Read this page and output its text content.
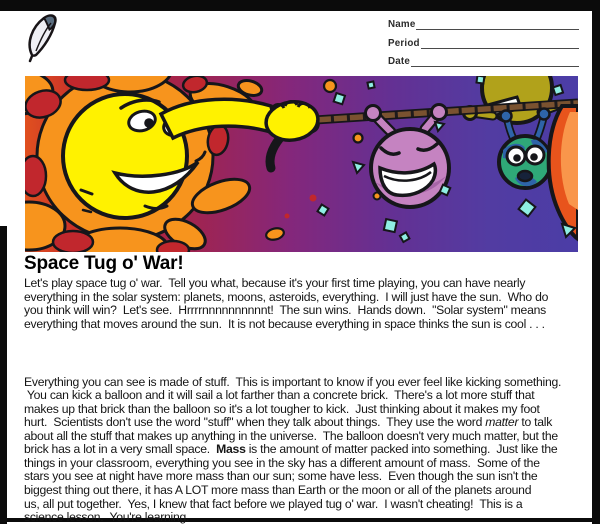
Name
Period
Date
Space Tug o' War!
Let's play space tug o' war.  Tell you what, because it's your first time playing, you can have nearly
everything in the solar system: planets, moons, asteroids, everything.  I will just have the sun.  Who do
you think will win?  Let's see.  Hrrrrnnnnnnnnnnt!  The sun wins.  Hands down.  "Solar system" means
everything that moves around the sun.  It is not because everything in space thinks the sun is cool . . .
Everything you can see is made of stuff.  This is important to know if you ever feel like kicking something.
You can kick a balloon and it will sail a lot farther than a concrete brick.  There's a lot more stuff that
makes up that brick than the balloon so it's a lot tougher to kick.  Just thinking about it makes my foot
hurt.  Scientists don't use the word "stuff" when they talk about things.  They use the word matter to talk
about all the stuff that makes up anything in the universe.  The balloon doesn't very much matter, but the
brick has a lot in a very small space.  Mass is the amount of matter packed into something.  Just like the
things in your classroom, everything you see in the sky has a different amount of mass.  Some of the
stars you see at night have more mass than our sun; some have less.  Even though the sun isn't the
biggest thing out there, it has A LOT more mass than Earth or the moon or all of the planets around
us, all put together.  Yes, I knew that fact before we played tug o' war.  I wasn't cheating!  This is a
science lesson.  You're learning.
